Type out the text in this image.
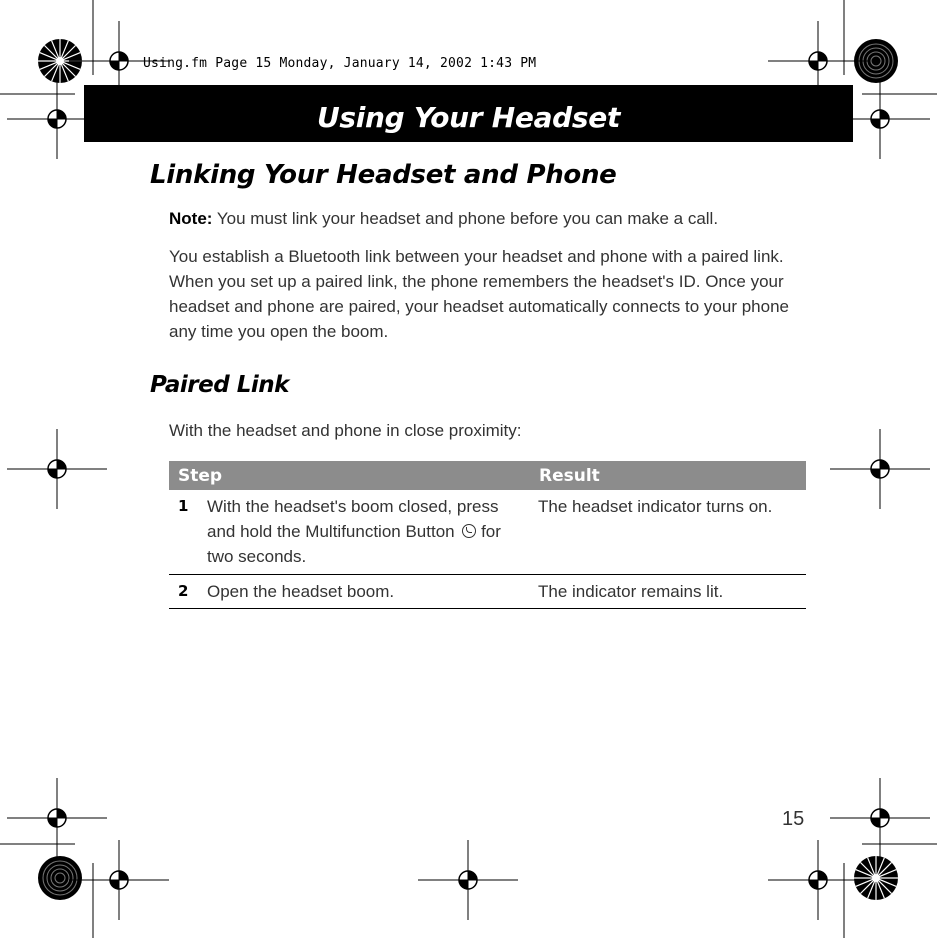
Using.fm Page 15 Monday, January 14, 2002 1:43 PM
Using Your Headset
Linking Your Headset and Phone
Note: You must link your headset and phone before you can make a call.
You establish a Bluetooth link between your headset and phone with a paired link. When you set up a paired link, the phone remembers the headset's ID. Once your headset and phone are paired, your headset automatically connects to your phone any time you open the boom.
Paired Link
With the headset and phone in close proximity:
Step		Result
1	With the headset's boom closed, press and hold the Multifunction Button  for two seconds.	The headset indicator turns on.
2	Open the headset boom.	The indicator remains lit.
15
